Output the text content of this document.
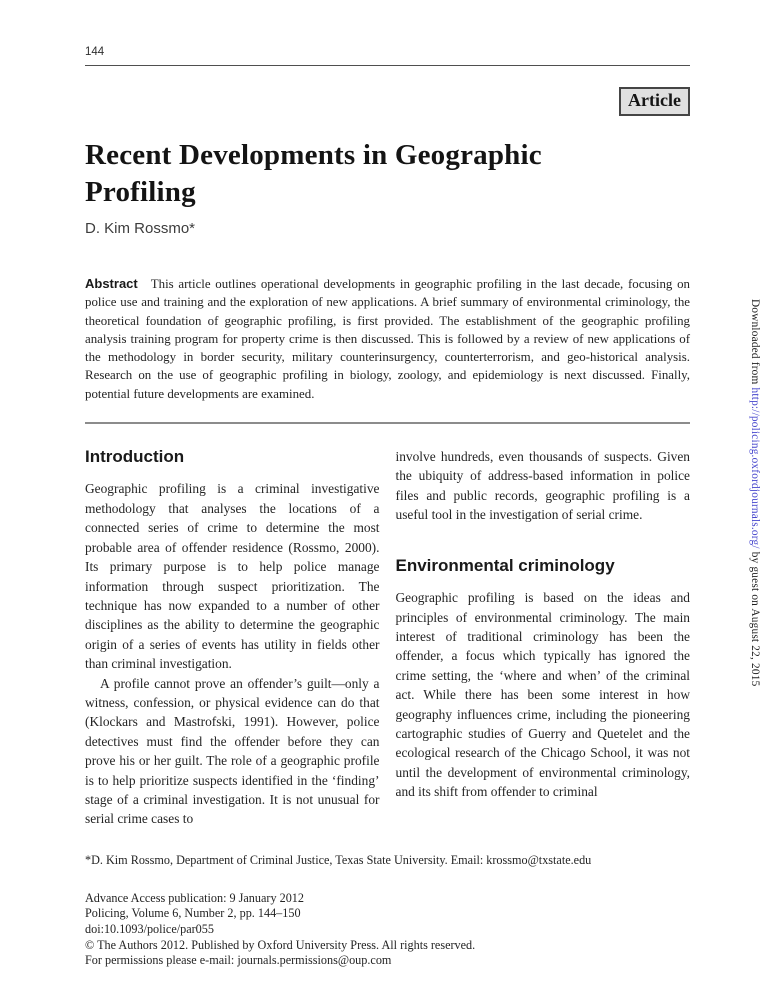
144
Article
Recent Developments in Geographic Profiling
D. Kim Rossmo*

Abstract This article outlines operational developments in geographic profiling in the last decade, focusing on police use and training and the exploration of new applications. A brief summary of environmental criminology, the theoretical foundation of geographic profiling, is first provided. The establishment of the geographic profiling analysis training program for property crime is then discussed. This is followed by a review of new applications of the methodology in border security, military counterinsurgency, counterterrorism, and geo-historical analysis. Research on the use of geographic profiling in biology, zoology, and epidemiology is next discussed. Finally, potential future developments are examined.

Introduction

Geographic profiling is a criminal investigative methodology that analyses the locations of a connected series of crime to determine the most probable area of offender residence (Rossmo, 2000). Its primary purpose is to help police manage information through suspect prioritization. The technique has now expanded to a number of other disciplines as the ability to determine the geographic origin of a series of events has utility in fields other than criminal investigation.

A profile cannot prove an offender’s guilt—only a witness, confession, or physical evidence can do that (Klockars and Mastrofski, 1991). However, police detectives must find the offender before they can prove his or her guilt. The role of a geographic profile is to help prioritize suspects identified in the ‘finding’ stage of a criminal investigation. It is not unusual for serial crime cases to

involve hundreds, even thousands of suspects. Given the ubiquity of address-based information in police files and public records, geographic profiling is a useful tool in the investigation of serial crime.

Environmental criminology

Geographic profiling is based on the ideas and principles of environmental criminology. The main interest of traditional criminology has been the offender, a focus which typically has ignored the crime setting, the ‘where and when’ of the criminal act. While there has been some interest in how geography influences crime, including the pioneering cartographic studies of Guerry and Quetelet and the ecological research of the Chicago School, it was not until the development of environmental criminology, and its shift from offender to criminal

*D. Kim Rossmo, Department of Criminal Justice, Texas State University. Email: krossmo@txstate.edu
Advance Access publication: 9 January 2012
Policing, Volume 6, Number 2, pp. 144–150
doi:10.1093/police/par055
© The Authors 2012. Published by Oxford University Press. All rights reserved.
For permissions please e-mail: journals.permissions@oup.com
Downloaded from http://policing.oxfordjournals.org/ by guest on August 22, 2015
